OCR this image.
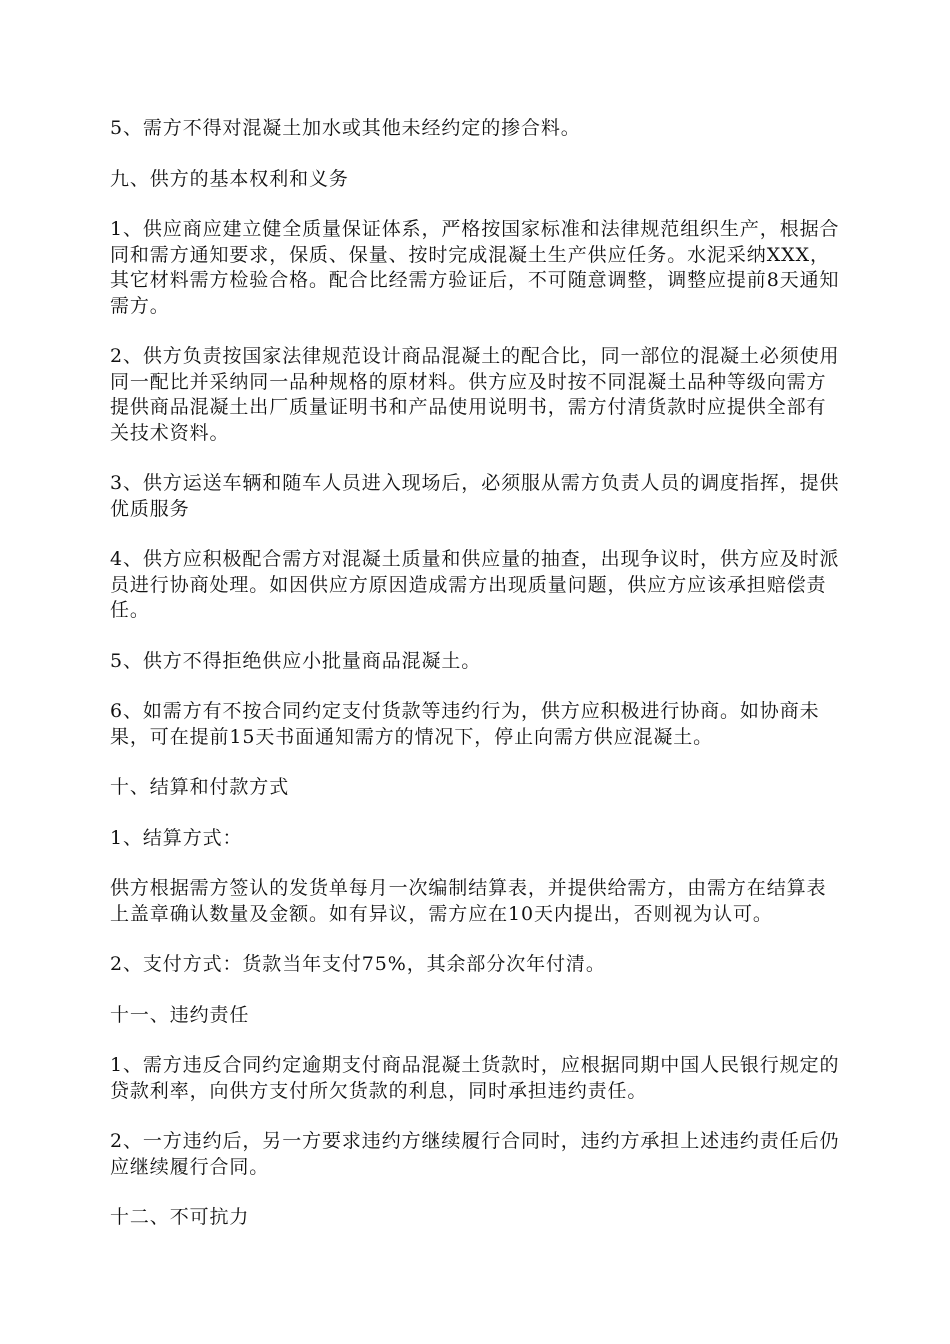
5、需方不得对混凝土加水或其他未经约定的掺合料。

九、供方的基本权利和义务

1、供应商应建立健全质量保证体系，严格按国家标准和法律规范组织生产，根据合同和需方通知要求，保质、保量、按时完成混凝土生产供应任务。水泥采纳XXX，其它材料需方检验合格。配合比经需方验证后，不可随意调整，调整应提前8天通知需方。

2、供方负责按国家法律规范设计商品混凝土的配合比，同一部位的混凝土必须使用同一配比并采纳同一品种规格的原材料。供方应及时按不同混凝土品种等级向需方提供商品混凝土出厂质量证明书和产品使用说明书，需方付清货款时应提供全部有关技术资料。

3、供方运送车辆和随车人员进入现场后，必须服从需方负责人员的调度指挥，提供优质服务

4、供方应积极配合需方对混凝土质量和供应量的抽查，出现争议时，供方应及时派员进行协商处理。如因供应方原因造成需方出现质量问题，供应方应该承担赔偿责任。

5、供方不得拒绝供应小批量商品混凝土。

6、如需方有不按合同约定支付货款等违约行为，供方应积极进行协商。如协商未果，可在提前15天书面通知需方的情况下，停止向需方供应混凝土。

十、结算和付款方式

1、结算方式：

供方根据需方签认的发货单每月一次编制结算表，并提供给需方，由需方在结算表上盖章确认数量及金额。如有异议，需方应在10天内提出，否则视为认可。

2、支付方式：货款当年支付75%，其余部分次年付清。

十一、违约责任

1、需方违反合同约定逾期支付商品混凝土货款时，应根据同期中国人民银行规定的贷款利率，向供方支付所欠货款的利息，同时承担违约责任。

2、一方违约后，另一方要求违约方继续履行合同时，违约方承担上述违约责任后仍应继续履行合同。

十二、不可抗力
